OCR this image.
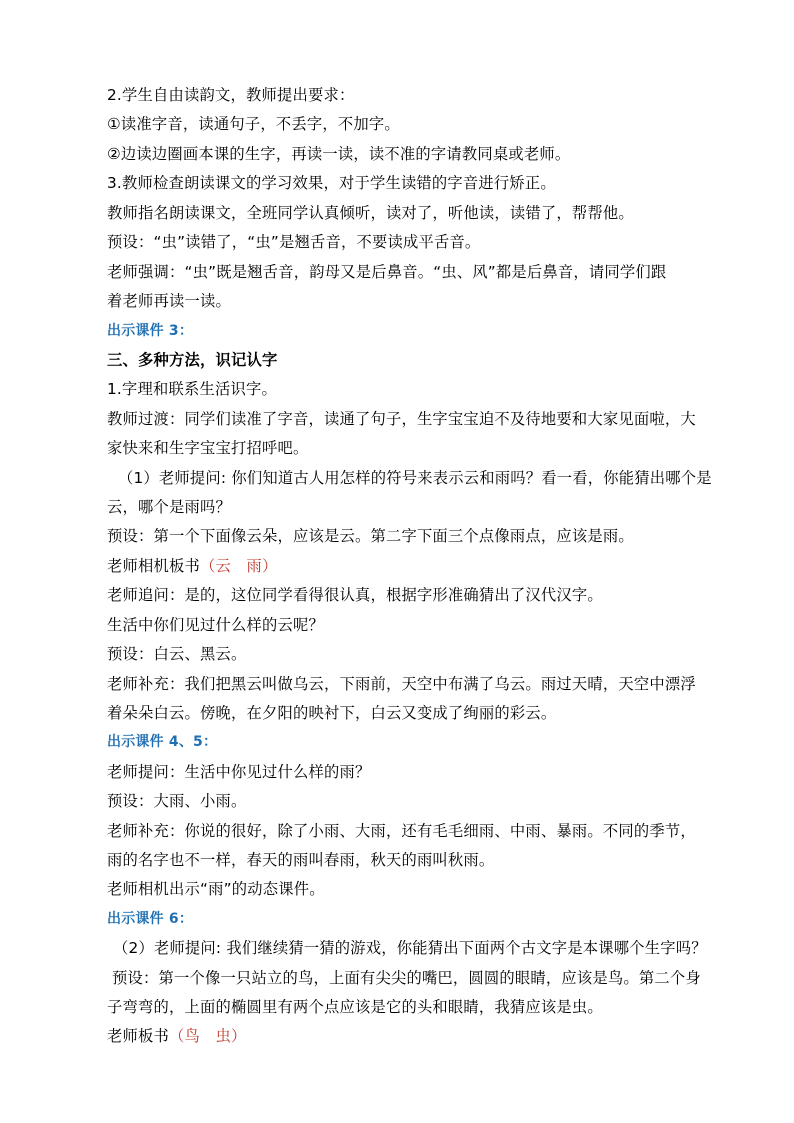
2.学生自由读韵文，教师提出要求：
①读准字音，读通句子，不丢字，不加字。
②边读边圈画本课的生字，再读一读，读不准的字请教同桌或老师。
3.教师检查朗读课文的学习效果，对于学生读错的字音进行矫正。
教师指名朗读课文，全班同学认真倾听，读对了，听他读，读错了，帮帮他。
预设：“虫”读错了，“虫”是翘舌音，不要读成平舌音。
老师强调：“虫”既是翘舌音，韵母又是后鼻音。“虫、风”都是后鼻音，请同学们跟
着老师再读一读。
出示课件 3：
三、多种方法，识记认字
1.字理和联系生活识字。
教师过渡：同学们读准了字音，读通了句子，生字宝宝迫不及待地要和大家见面啦，大
家快来和生字宝宝打招呼吧。
（1）老师提问: 你们知道古人用怎样的符号来表示云和雨吗？看一看，你能猜出哪个是
云，哪个是雨吗？
预设：第一个下面像云朵，应该是云。第二字下面三个点像雨点，应该是雨。
老师相机板书（云　雨）
老师追问：是的，这位同学看得很认真，根据字形准确猜出了汉代汉字。
生活中你们见过什么样的云呢？
预设：白云、黑云。
老师补充：我们把黑云叫做乌云，下雨前，天空中布满了乌云。雨过天晴，天空中漂浮
着朵朵白云。傍晚，在夕阳的映衬下，白云又变成了绚丽的彩云。
出示课件 4、5：
老师提问：生活中你见过什么样的雨？
预设：大雨、小雨。
老师补充：你说的很好，除了小雨、大雨，还有毛毛细雨、中雨、暴雨。不同的季节，
雨的名字也不一样，春天的雨叫春雨，秋天的雨叫秋雨。
老师相机出示“雨”的动态课件。
出示课件 6：
（2）老师提问: 我们继续猜一猜的游戏，你能猜出下面两个古文字是本课哪个生字吗？
预设：第一个像一只站立的鸟，上面有尖尖的嘴巴，圆圆的眼睛，应该是鸟。第二个身
子弯弯的，上面的椭圆里有两个点应该是它的头和眼睛，我猜应该是虫。
老师板书（鸟　虫）
